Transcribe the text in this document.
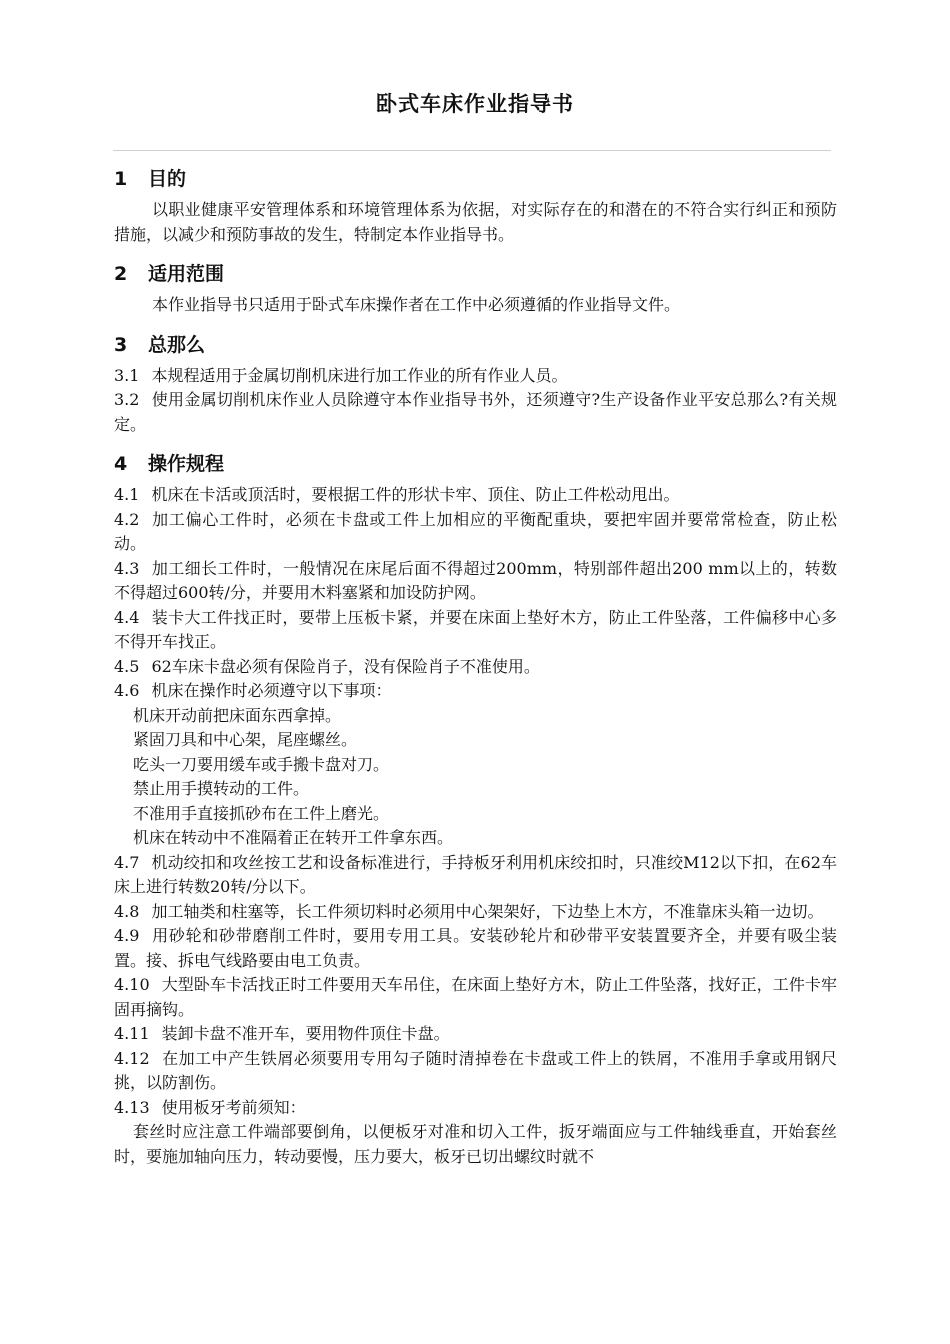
卧式车床作业指导书
1 目的

以职业健康平安管理体系和环境管理体系为依据，对实际存在的和潜在的不符合实行纠正和预防措施，以减少和预防事故的发生，特制定本作业指导书。

2 适用范围

本作业指导书只适用于卧式车床操作者在工作中必须遵循的作业指导文件。

3 总那么

3.1 本规程适用于金属切削机床进行加工作业的所有作业人员。

3.2 使用金属切削机床作业人员除遵守本作业指导书外，还须遵守?生产设备作业平安总那么?有关规定。

4 操作规程

4.1 机床在卡活或顶活时，要根据工件的形状卡牢、顶住、防止工件松动甩出。

4.2 加工偏心工件时，必须在卡盘或工件上加相应的平衡配重块，要把牢固并要常常检查，防止松动。

4.3 加工细长工件时，一般情况在床尾后面不得超过200mm，特别部件超出200 mm以上的，转数不得超过600转/分，并要用木料塞紧和加设防护网。

4.4 装卡大工件找正时，要带上压板卡紧，并要在床面上垫好木方，防止工件坠落，工件偏移中心多不得开车找正。

4.5 62车床卡盘必须有保险肖子，没有保险肖子不准使用。

4.6 机床在操作时必须遵守以下事项：

机床开动前把床面东西拿掉。

紧固刀具和中心架，尾座螺丝。

吃头一刀要用缓车或手搬卡盘对刀。

禁止用手摸转动的工件。

不准用手直接抓砂布在工件上磨光。

机床在转动中不准隔着正在转开工件拿东西。

4.7 机动绞扣和攻丝按工艺和设备标准进行，手持板牙利用机床绞扣时，只准绞M12以下扣，在62车床上进行转数20转/分以下。

4.8 加工轴类和柱塞等，长工件须切料时必须用中心架架好，下边垫上木方，不准靠床头箱一边切。

4.9 用砂轮和砂带磨削工件时，要用专用工具。安装砂轮片和砂带平安装置要齐全，并要有吸尘装置。接、拆电气线路要由电工负责。

4.10 大型卧车卡活找正时工件要用天车吊住，在床面上垫好方木，防止工件坠落，找好正，工件卡牢固再摘钩。

4.11 装卸卡盘不准开车，要用物件顶住卡盘。

4.12 在加工中产生铁屑必须要用专用勾子随时清掉卷在卡盘或工件上的铁屑，不准用手拿或用钢尺挑，以防割伤。

4.13 使用板牙考前须知：

套丝时应注意工件端部要倒角，以便板牙对准和切入工件，扳牙端面应与工件轴线垂直，开始套丝时，要施加轴向压力，转动要慢，压力要大，板牙已切出螺纹时就不
